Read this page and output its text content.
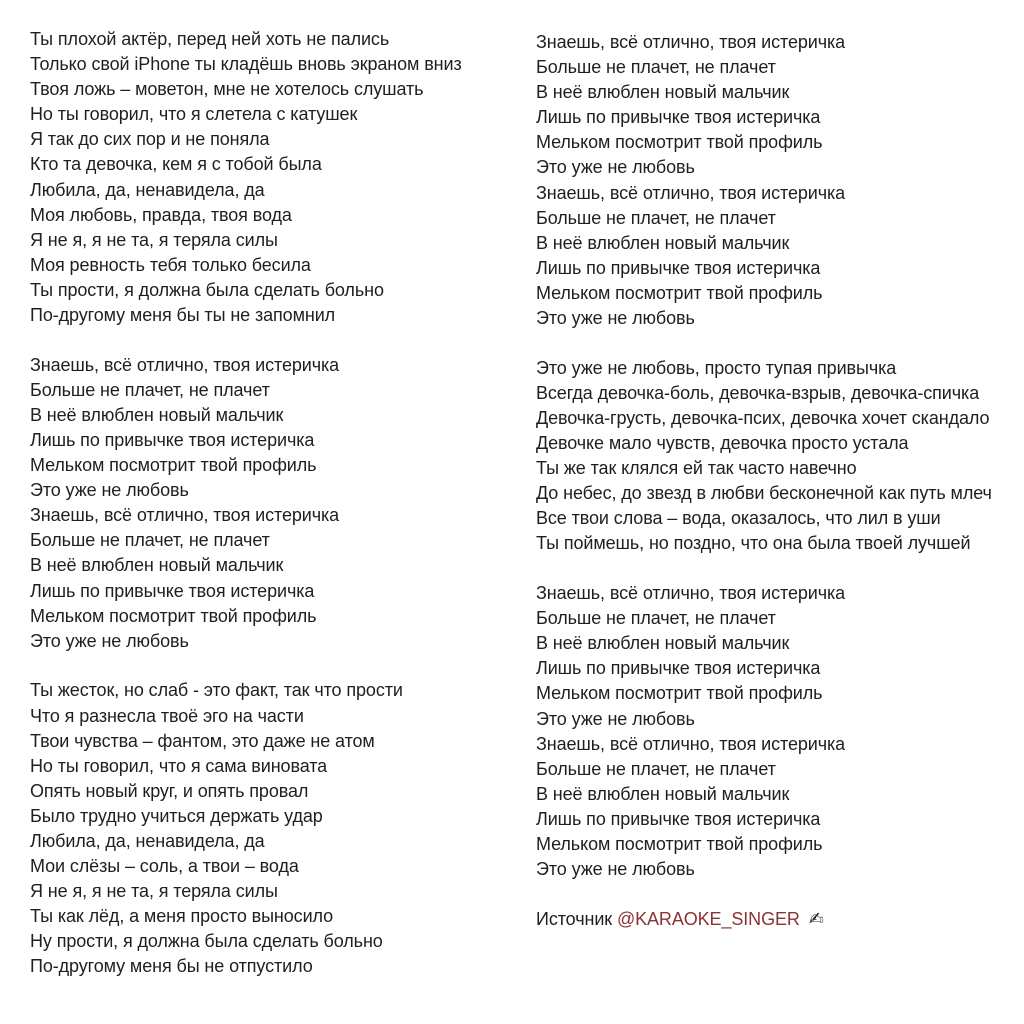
Ты плохой актёр, перед ней хоть не пались
Только свой iPhone ты кладёшь вновь экраном вниз
Твоя ложь – моветон, мне не хотелось слушать
Но ты говорил, что я слетела с катушек
Я так до сих пор и не поняла
Кто та девочка, кем я с тобой была
Любила, да, ненавидела, да
Моя любовь, правда, твоя вода
Я не я, я не та, я теряла силы
Моя ревность тебя только бесила
Ты прости, я должна была сделать больно
По-другому меня бы ты не запомнил
Знаешь, всё отлично, твоя истеричка
Больше не плачет, не плачет
В неё влюблен новый мальчик
Лишь по привычке твоя истеричка
Мельком посмотрит твой профиль
Это уже не любовь
Знаешь, всё отлично, твоя истеричка
Больше не плачет, не плачет
В неё влюблен новый мальчик
Лишь по привычке твоя истеричка
Мельком посмотрит твой профиль
Это уже не любовь
Ты жесток, но слаб - это факт, так что прости
Что я разнесла твоё эго на части
Твои чувства – фантом, это даже не атом
Но ты говорил, что я сама виновата
Опять новый круг, и опять провал
Было трудно учиться держать удар
Любила, да, ненавидела, да
Мои слёзы – соль, а твои – вода
Я не я, я не та, я теряла силы
Ты как лёд, а меня просто выносило
Ну прости, я должна была сделать больно
По-другому меня бы не отпустило
Знаешь, всё отлично, твоя истеричка
Больше не плачет, не плачет
В неё влюблен новый мальчик
Лишь по привычке твоя истеричка
Мельком посмотрит твой профиль
Это уже не любовь
Знаешь, всё отлично, твоя истеричка
Больше не плачет, не плачет
В неё влюблен новый мальчик
Лишь по привычке твоя истеричка
Мельком посмотрит твой профиль
Это уже не любовь
Это уже не любовь, просто тупая привычка
Всегда девочка-боль, девочка-взрыв, девочка-спичка
Девочка-грусть, девочка-псих, девочка хочет скандало
Девочке мало чувств, девочка просто устала
Ты же так клялся ей так часто навечно
До небес, до звезд в любви бесконечной как путь млеч
Все твои слова – вода, оказалось, что лил в уши
Ты поймешь, но поздно, что она была твоей лучшей
Знаешь, всё отлично, твоя истеричка
Больше не плачет, не плачет
В неё влюблен новый мальчик
Лишь по привычке твоя истеричка
Мельком посмотрит твой профиль
Это уже не любовь
Знаешь, всё отлично, твоя истеричка
Больше не плачет, не плачет
В неё влюблен новый мальчик
Лишь по привычке твоя истеричка
Мельком посмотрит твой профиль
Это уже не любовь
Источник @KARAOKE_SINGER ✍
